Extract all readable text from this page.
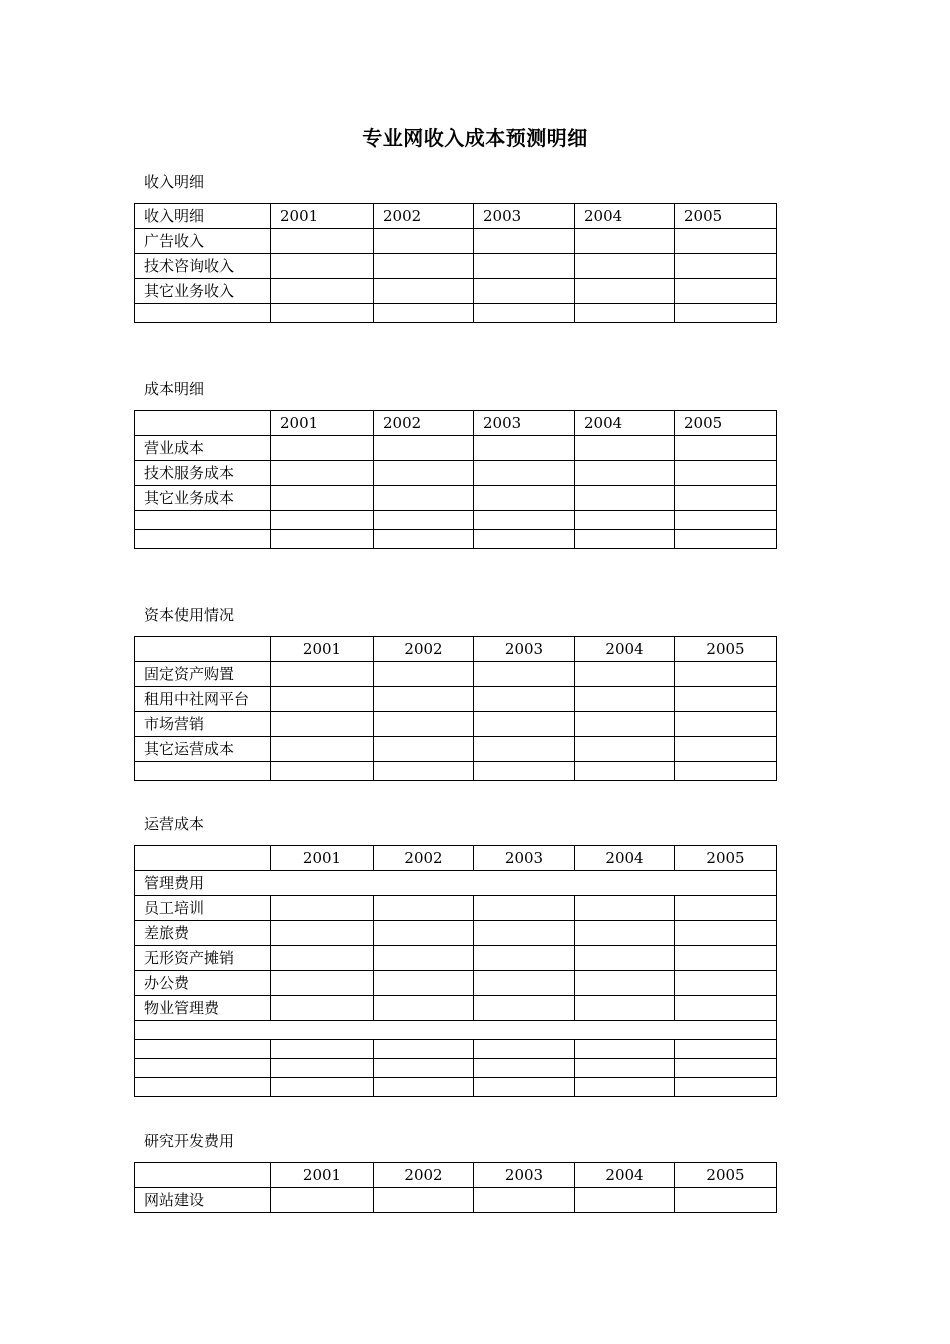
专业网收入成本预测明细
收入明细
收入明细	2001	2002	2003	2004	2005
广告收入					
技术咨询收入					
其它业务收入					

成本明细
	2001	2002	2003	2004	2005
营业成本					
技术服务成本					
其它业务成本					

资本使用情况
	2001	2002	2003	2004	2005
固定资产购置					
租用中社网平台					
市场营销					
其它运营成本					

运营成本
	2001	2002	2003	2004	2005
管理费用					
员工培训					
差旅费					
无形资产摊销					
办公费					
物业管理费					

研究开发费用
	2001	2002	2003	2004	2005
网站建设					
